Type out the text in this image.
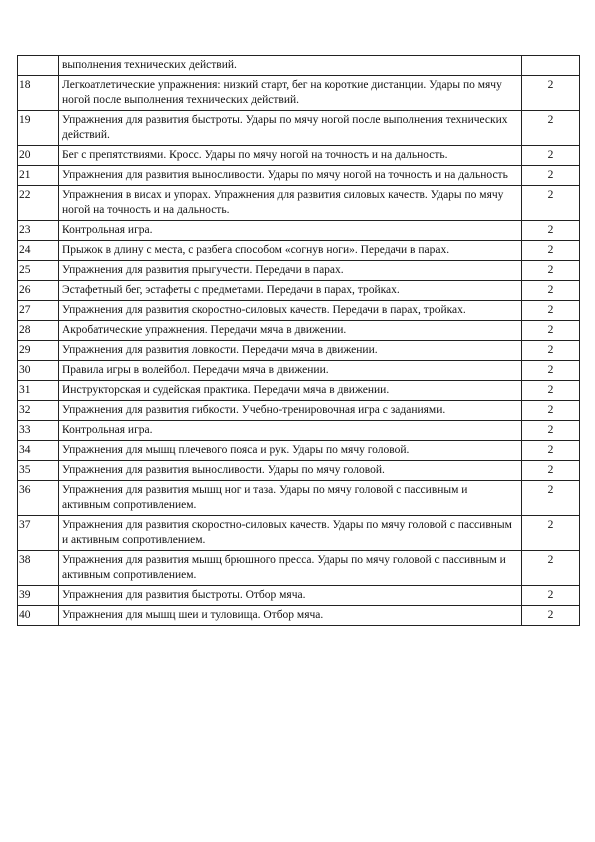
	выполнения технических действий.	
18	Легкоатлетические упражнения: низкий старт, бег на короткие дистанции. Удары по мячу ногой после выполнения технических действий.	2
19	Упражнения для развития быстроты. Удары по мячу ногой после выполнения технических действий.	2
20	Бег с препятствиями. Кросс. Удары по мячу ногой на точность и на дальность.	2
21	Упражнения для развития выносливости. Удары по мячу ногой на точность и на дальность	2
22	Упражнения в висах и упорах. Упражнения для развития силовых качеств. Удары по мячу ногой на точность и на дальность.	2
23	Контрольная игра.	2
24	Прыжок в длину с места, с разбега способом «согнув ноги». Передачи в парах.	2
25	Упражнения для развития прыгучести. Передачи в парах.	2
26	Эстафетный бег, эстафеты с предметами. Передачи в парах, тройках.	2
27	Упражнения для развития скоростно-силовых качеств. Передачи в парах, тройках.	2
28	Акробатические упражнения. Передачи мяча в движении.	2
29	Упражнения для развития ловкости. Передачи мяча в движении.	2
30	Правила игры в волейбол. Передачи мяча в движении.	2
31	Инструкторская и судейская практика. Передачи мяча в движении.	2
32	Упражнения для развития гибкости. Учебно-тренировочная игра с заданиями.	2
33	Контрольная игра.	2
34	Упражнения для мышц плечевого пояса и рук. Удары по мячу головой.	2
35	Упражнения для развития выносливости. Удары по мячу головой.	2
36	Упражнения для развития мышц ног и таза. Удары по мячу головой с пассивным и активным сопротивлением.	2
37	Упражнения для развития скоростно-силовых качеств. Удары по мячу головой с пассивным и активным сопротивлением.	2
38	Упражнения для развития мышц брюшного пресса. Удары по мячу головой с пассивным и активным сопротивлением.	2
39	Упражнения для развития быстроты. Отбор мяча.	2
40	Упражнения для мышц шеи и туловища. Отбор мяча.	2
